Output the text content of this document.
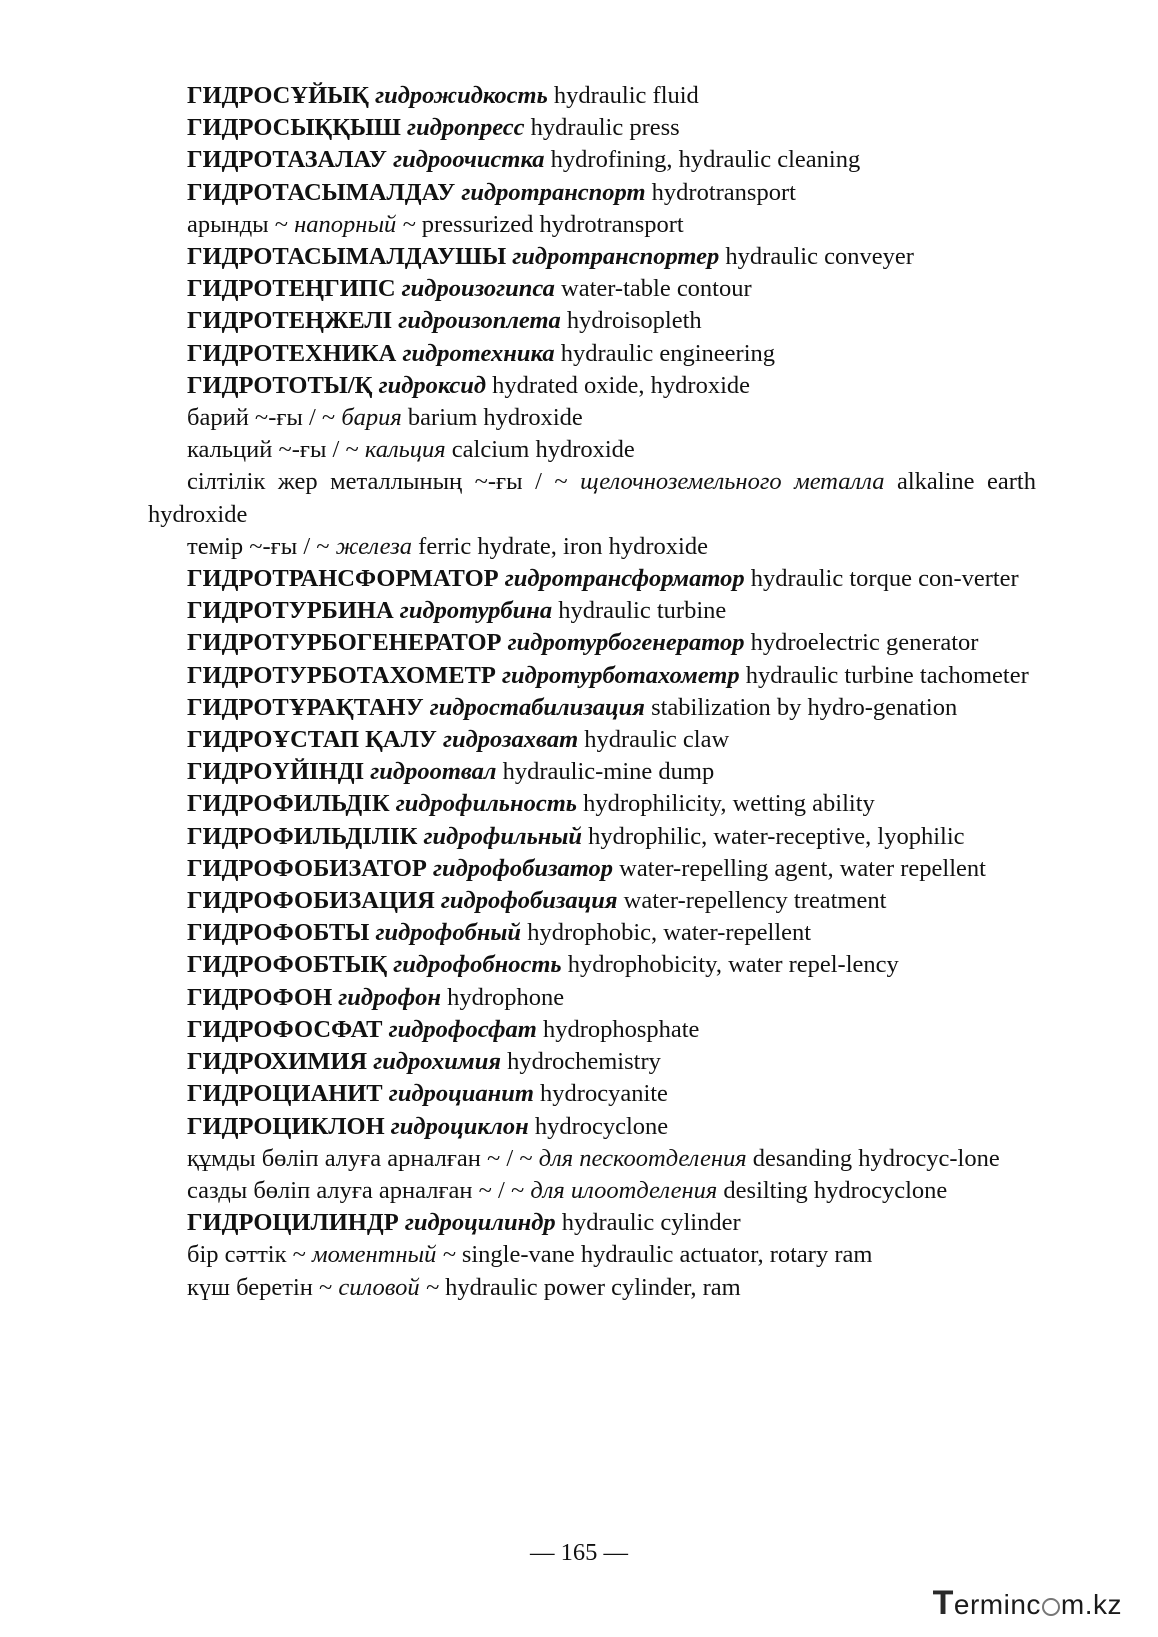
ГИДРОСҰЙЫҚ гидрожидкость hydraulic fluid
ГИДРОСЫҚҚЫШ гидропресс hydraulic press
ГИДРОТАЗАЛАУ гидроочистка hydrofining, hydraulic cleaning
ГИДРОТАСЫМАЛДАУ гидротранспорт hydrotransport
арынды ~ напорный ~ pressurized hydrotransport
ГИДРОТАСЫМАЛДАУШЫ гидротранспортер hydraulic conveyer
ГИДРОТЕҢГИПС гидроизогипса water-table contour
ГИДРОТЕҢЖЕЛІ гидроизоплета hydroisopleth
ГИДРОТЕХНИКА гидротехника hydraulic engineering
ГИДРОТОТЫ/Қ гидроксид hydrated oxide, hydroxide
барий ~-ғы / ~ бария barium hydroxide
кальций ~-ғы / ~ кальция calcium hydroxide
сілтілік жер металлының ~-ғы / ~ щелочноземельного металла alkaline earth hydroxide
темір ~-ғы / ~ железа ferric hydrate, iron hydroxide
ГИДРОТРАНСФОРМАТОР гидротрансформатор hydraulic torque con-verter
ГИДРОТУРБИНА гидротурбина hydraulic turbine
ГИДРОТУРБОГЕНЕРАТОР гидротурбогенератор hydroelectric generator
ГИДРОТУРБОТАХОМЕТР гидротурботахометр hydraulic turbine tachometer
ГИДРОТҰРАҚТАНУ гидростабилизация stabilization by hydro-genation
ГИДРОҰСТАП ҚАЛУ гидрозахват hydraulic claw
ГИДРОҮЙІНДІ гидроотвал hydraulic-mine dump
ГИДРОФИЛЬДІК гидрофильность hydrophilicity, wetting ability
ГИДРОФИЛЬДІЛІК гидрофильный hydrophilic, water-receptive, lyophilic
ГИДРОФОБИЗАТОР гидрофобизатор water-repelling agent, water repellent
ГИДРОФОБИЗАЦИЯ гидрофобизация water-repellency treatment
ГИДРОФОБТЫ гидрофобный hydrophobic, water-repellent
ГИДРОФОБТЫҚ гидрофобность hydrophobicity, water repel-lency
ГИДРОФОН гидрофон hydrophone
ГИДРОФОСФАТ гидрофосфат hydrophosphate
ГИДРОХИМИЯ гидрохимия hydrochemistry
ГИДРОЦИАНИТ гидроцианит hydrocyanite
ГИДРОЦИКЛОН гидроциклон hydrocyclone
құмды бөліп алуға арналған ~ / ~ для пескоотделения desanding hydrocyc-lone
сазды бөліп алуға арналған ~ / ~ для илоотделения desilting hydrocyclone
ГИДРОЦИЛИНДР гидроцилиндр hydraulic cylinder
бір сәттік ~ моментный ~ single-vane hydraulic actuator, rotary ram
күш беретін ~ силовой ~ hydraulic power cylinder, ram
— 165 —
Terminc m.kz
